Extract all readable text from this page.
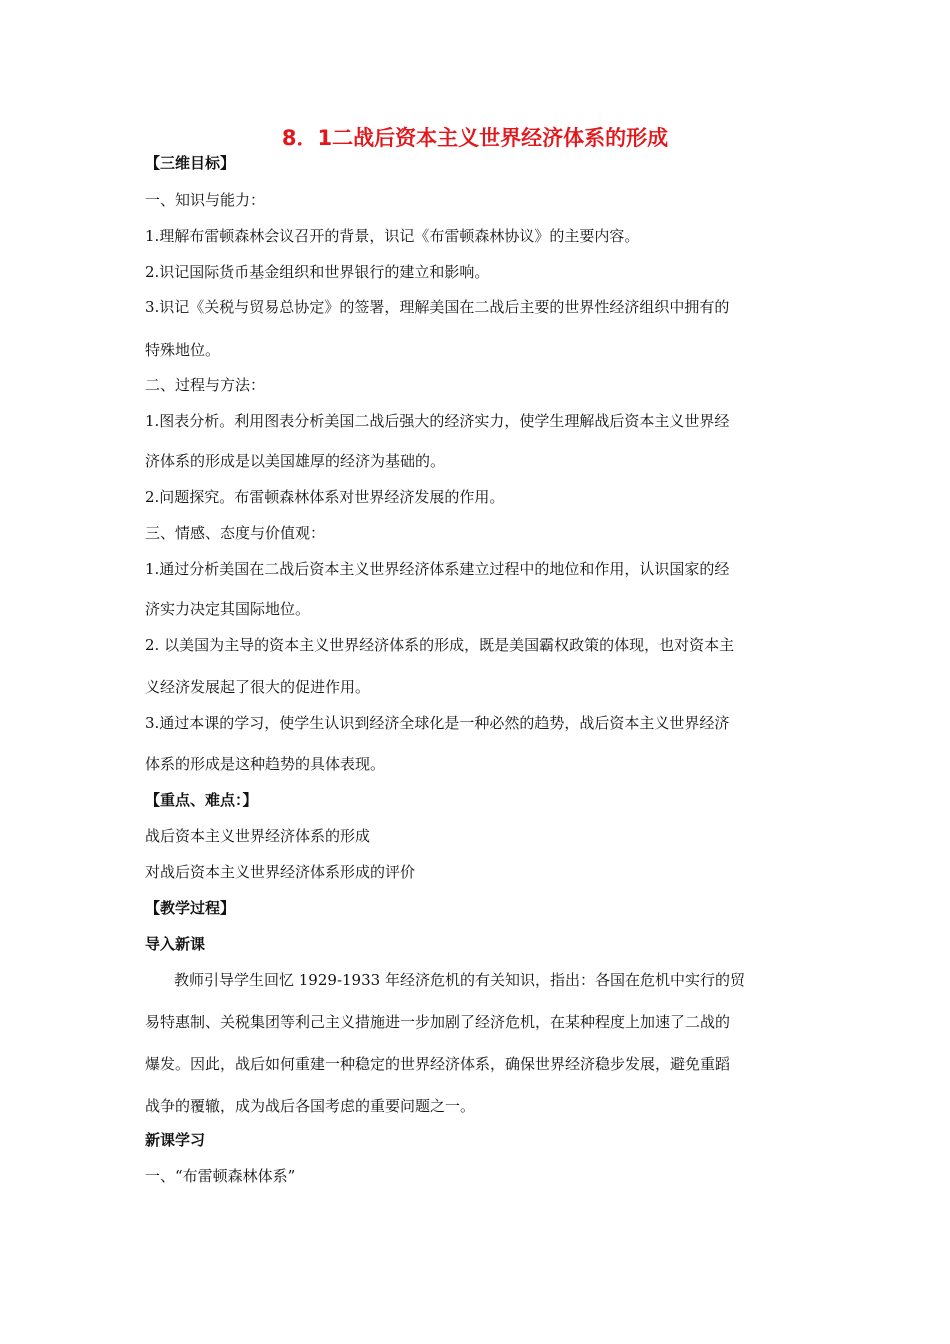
8．1二战后资本主义世界经济体系的形成
【三维目标】
一、知识与能力：
1.理解布雷顿森林会议召开的背景，识记《布雷顿森林协议》的主要内容。
2.识记国际货币基金组织和世界银行的建立和影响。
3.识记《关税与贸易总协定》的签署，理解美国在二战后主要的世界性经济组织中拥有的
特殊地位。
二、过程与方法：
1.图表分析。利用图表分析美国二战后强大的经济实力，使学生理解战后资本主义世界经
济体系的形成是以美国雄厚的经济为基础的。
2.问题探究。布雷顿森林体系对世界经济发展的作用。
三、情感、态度与价值观：
1.通过分析美国在二战后资本主义世界经济体系建立过程中的地位和作用，认识国家的经
济实力决定其国际地位。
2. 以美国为主导的资本主义世界经济体系的形成，既是美国霸权政策的体现，也对资本主
义经济发展起了很大的促进作用。
3.通过本课的学习，使学生认识到经济全球化是一种必然的趋势，战后资本主义世界经济
体系的形成是这种趋势的具体表现。
【重点、难点：】
战后资本主义世界经济体系的形成
对战后资本主义世界经济体系形成的评价
【教学过程】
导入新课
教师引导学生回忆 1929-1933 年经济危机的有关知识，指出：各国在危机中实行的贸
易特惠制、关税集团等利己主义措施进一步加剧了经济危机，在某种程度上加速了二战的
爆发。因此，战后如何重建一种稳定的世界经济体系，确保世界经济稳步发展，避免重蹈
战争的覆辙，成为战后各国考虑的重要问题之一。
新课学习
一、“布雷顿森林体系”
